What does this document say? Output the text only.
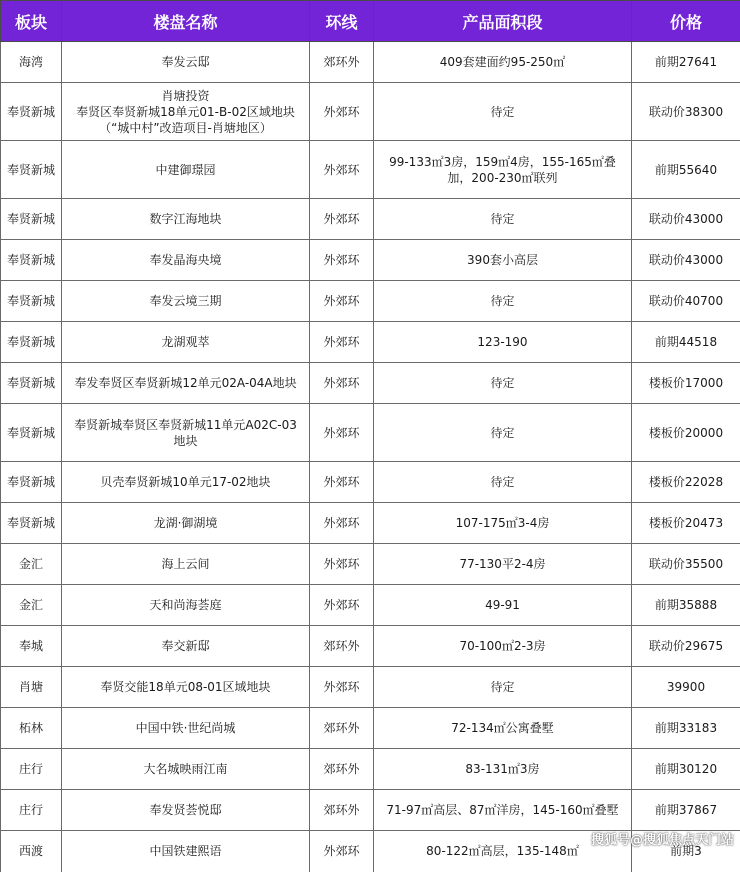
板块	楼盘名称	环线	产品面积段	价格
海湾	奉发云邸	郊环外	409套建面约95-250㎡	前期27641
奉贤新城	肖塘投资
奉贤区奉贤新城18单元01-B-02区域地块
（“城中村”改造项目-肖塘地区）	外郊环	待定	联动价38300
奉贤新城	中建御璟园	外郊环	99-133㎡3房，159㎡4房，155-165㎡叠
加，200-230㎡联列	前期55640
奉贤新城	数字江海地块	外郊环	待定	联动价43000
奉贤新城	奉发晶海央境	外郊环	390套小高层	联动价43000
奉贤新城	奉发云境三期	外郊环	待定	联动价40700
奉贤新城	龙湖观萃	外郊环	123-190	前期44518
奉贤新城	奉发奉贤区奉贤新城12单元02A-04A地块	外郊环	待定	楼板价17000
奉贤新城	奉贤新城奉贤区奉贤新城11单元A02C-03
地块	外郊环	待定	楼板价20000
奉贤新城	贝壳奉贤新城10单元17-02地块	外郊环	待定	楼板价22028
奉贤新城	龙湖·御湖境	外郊环	107-175㎡3-4房	楼板价20473
金汇	海上云间	外郊环	77-130平2-4房	联动价35500
金汇	天和尚海荟庭	外郊环	49-91	前期35888
奉城	奉交新邸	郊环外	70-100㎡2-3房	联动价29675
肖塘	奉贤交能18单元08-01区域地块	外郊环	待定	39900
柘林	中国中铁·世纪尚城	郊环外	72-134㎡公寓叠墅	前期33183
庄行	大名城映雨江南	郊环外	83-131㎡3房	前期30120
庄行	奉发贤荟悦邸	郊环外	71-97㎡高层、87㎡洋房，145-160㎡叠墅	前期37867
西渡	中国铁建熙语	外郊环	80-122㎡高层，135-148㎡	前期3
搜狐号@搜狐焦点天门站
